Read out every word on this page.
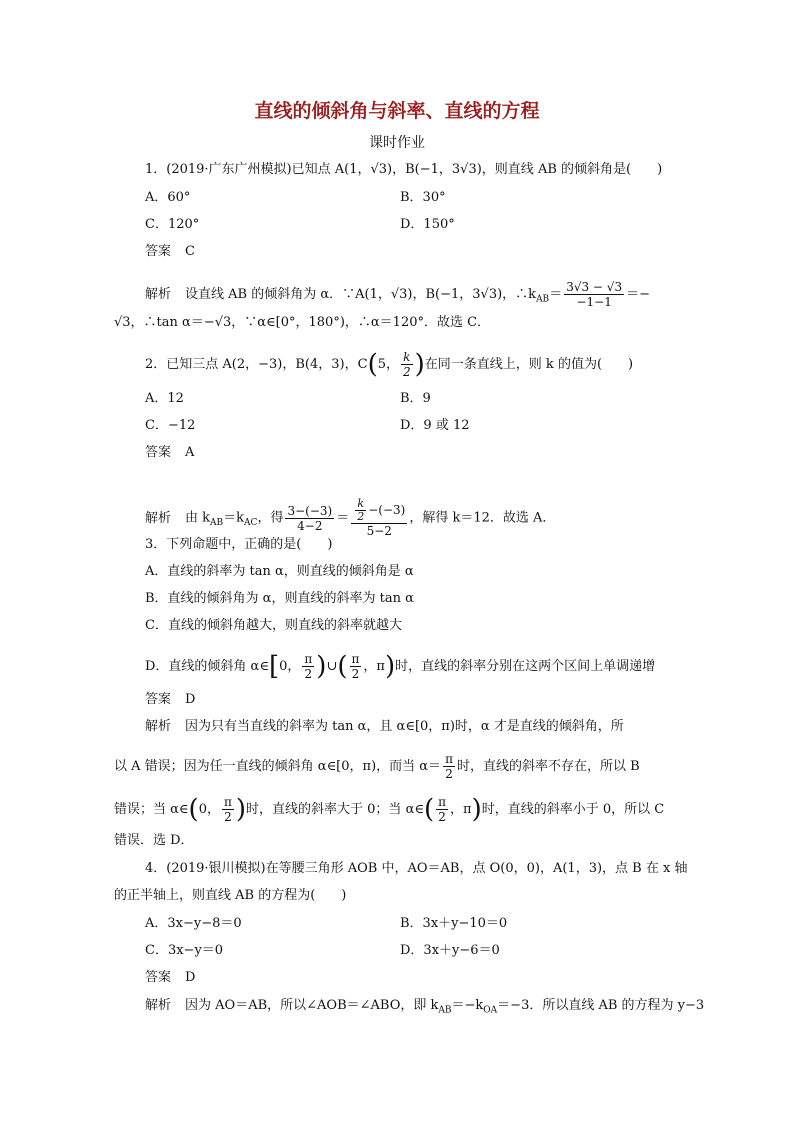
直线的倾斜角与斜率、直线的方程
课时作业
1．(2019·广东广州模拟)已知点 A(1，√3)，B(−1，3√3)，则直线 AB 的倾斜角是(　　)
A．60°	B．30°
C．120°	D．150°
答案 C
解析 设直线 AB 的倾斜角为 α．∵A(1，√3)，B(−1，3√3)，$\therefore k_{AB}= \frac{3√3 - √3}{-1-1}$ ＝−
√3，∴tan α＝−√3，∵α∈[0°，180°)，∴α＝120°．故选 C．
2．已知三点 A(2，−3)，B(4，3)，C(5， $\frac{k}{2}$ )在同一条直线上，则 k 的值为(　　)
A．12	B．9
C．−12	D．9 或 12
答案 A
解析 由 $k_{AB}=k_{AC}$，得 $\frac{3-(-3)}{4-2} = \frac{\frac{k}{2} -(-3)}{5-2}$ ，解得 k＝12．故选 A．
3．下列命题中，正确的是(　　)
A．直线的斜率为 tan α，则直线的倾斜角是 α
B．直线的倾斜角为 α，则直线的斜率为 tan α
C．直线的倾斜角越大，则直线的斜率就越大
D．直线的倾斜角 α∈[0， $\frac{\pi}{2}$ )∪( $\frac{\pi}{2}$ ，π)时，直线的斜率分别在这两个区间上单调递增
答案 D
解析 因为只有当直线的斜率为 tan α，且 α∈[0，π)时，α 才是直线的倾斜角，所
以 A 错误；因为任一直线的倾斜角 α∈[0，π)，而当 $\alpha= \frac{\pi}{2}$ 时，直线的斜率不存在，所以 B
错误；当 α∈(0， $\frac{\pi}{2}$ )时，直线的斜率大于 0；当 α∈( $\frac{\pi}{2}$ ，π)时，直线的斜率小于 0，所以 C
错误．选 D．
4．(2019·银川模拟)在等腰三角形 AOB 中，AO＝AB，点 O(0，0)，A(1，3)，点 B 在 x 轴
的正半轴上，则直线 AB 的方程为(　　)
A．3x−y−8＝0	B．3x＋y−10＝0
C．3x−y＝0	D．3x＋y−6＝0
答案 D
解析 因为 AO＝AB，所以∠AOB＝∠ABO，即 $k_{AB}=-k_{OA}=-3$．所以直线 AB 的方程为 y−3
